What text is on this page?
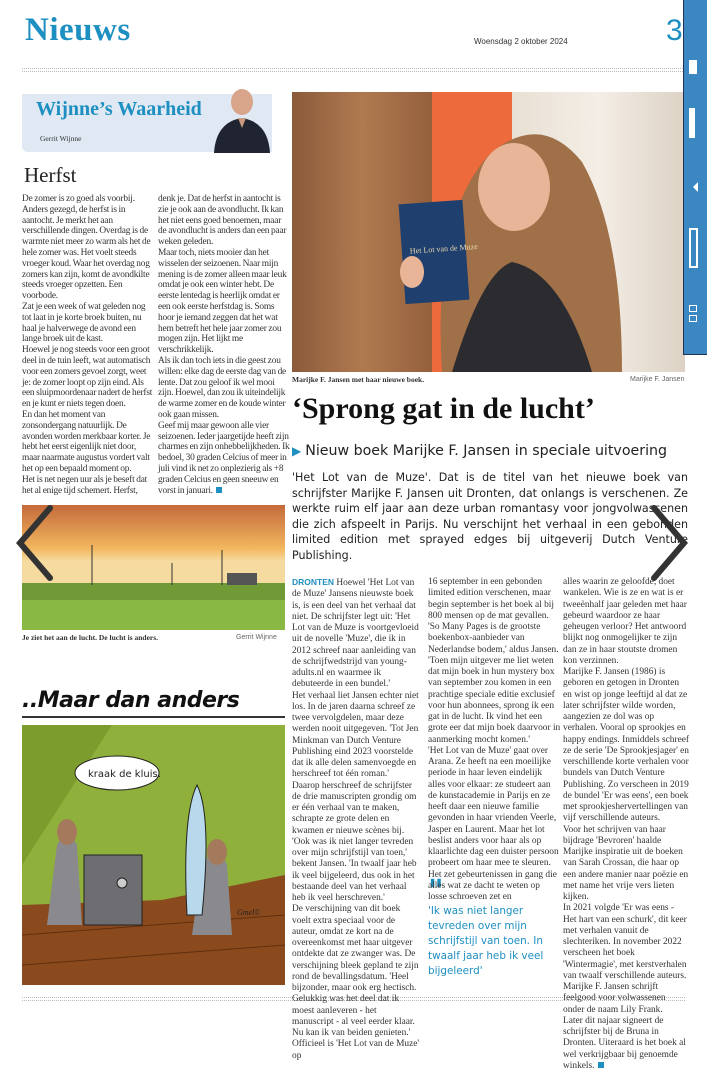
Nieuws	Woensdag 2 oktober 2024	3
Wijnne’s Waarheid
Gerrit Wijnne
Herfst

De zomer is zo goed als voorbij. Anders gezegd, de herfst is in aantocht. Je merkt het aan verschillende dingen. Overdag is de warmte niet meer zo warm als het de hele zomer was. Het voelt steeds vroeger koud. Waar het overdag nog zomers kan zijn, komt de avondkilte steeds vroeger opzetten. Een voorbode.

Zat je een week of wat geleden nog tot laat in je korte broek buiten, nu haal je halverwege de avond een lange broek uit de kast.

Hoewel je nog steeds voor een groot deel in de tuin leeft, wat automatisch voor een zomers gevoel zorgt, weet je: de zomer loopt op zijn eind. Als een sluipmoordenaar nadert de herfst en je kunt er niets tegen doen.

En dan het moment van zonsondergang natuurlijk. De avonden worden merkbaar korter. Je hebt het eerst eigenlijk niet door, maar naarmate augustus vordert valt het op een bepaald moment op.

Het is net negen uur als je beseft dat het al enige tijd schemert. Herfst,

denk je. Dat de herfst in aantocht is zie je ook aan de avondlucht. Ik kan het niet eens goed benoemen, maar de avondlucht is anders dan een paar weken geleden.

Maar toch, niets mooier dan het wisselen der seizoenen. Naar mijn mening is de zomer alleen maar leuk omdat je ook een winter hebt. De eerste lentedag is heerlijk omdat er een ook eerste herfstdag is. Soms hoor je iemand zeggen dat het wat hem betreft het hele jaar zomer zou mogen zijn. Het lijkt me verschrikkelijk.

Als ik dan toch iets in die geest zou willen: elke dag de eerste dag van de lente. Dat zou geloof ik wel mooi zijn. Hoewel, dan zou ik uiteindelijk de warme zomer en de koude winter ook gaan missen.

Geef mij maar gewoon alle vier seizoenen. Ieder jaargetijde heeft zijn charmes en zijn onhebbelijkheden. Ik bedoel, 30 graden Celcius of meer in juli vind ik net zo onplezierig als +8 graden Celcius en geen sneeuw en vorst in januari.

Het Lot van de Muze
Marijke F. Jansen met haar nieuwe boek.	Marijke F. Jansen
‘Sprong gat in de lucht’
▶ Nieuw boek Marijke F. Jansen in speciale uitvoering
'Het Lot van de Muze'. Dat is de titel van het nieuwe boek van schrijfster Marijke F. Jansen uit Dronten, dat onlangs is verschenen. Ze werkte ruim elf jaar aan deze urban romantasy voor jongvolwassenen die zich afspeelt in Parijs. Nu verschijnt het verhaal in een gebonden limited edition met sprayed edges bij uitgeverij Dutch Venture Publishing.
Je ziet het aan de lucht. De lucht is anders.	Gerrit Wijnne
..Maar dan anders
kraak de kluis.
Gmel©

DRONTEN Hoewel 'Het Lot van de Muze' Jansens nieuwste boek is, is een deel van het verhaal dat niet. De schrijfster legt uit: 'Het Lot van de Muze is voortgevloeid uit de novelle 'Muze', die ik in 2012 schreef naar aanleiding van de schrijfwedstrijd van young-adults.nl en waarmee ik debuteerde in een bundel.'

Het verhaal liet Jansen echter niet los. In de jaren daarna schreef ze twee vervolgdelen, maar deze werden nooit uitgegeven. 'Tot Jen Minkman van Dutch Venture Publishing eind 2023 voorstelde dat ik alle delen samenvoegde en herschreef tot één roman.'

Daarop herschreef de schrijfster de drie manuscripten grondig om er één verhaal van te maken, schrapte ze grote delen en kwamen er nieuwe scènes bij. 'Ook was ik niet langer tevreden over mijn schrijfstijl van toen,' bekent Jansen. 'In twaalf jaar heb ik veel bijgeleerd, dus ook in het bestaande deel van het verhaal heb ik veel herschreven.'

De verschijning van dit boek voelt extra speciaal voor de auteur, omdat ze kort na de overeenkomst met haar uitgever ontdekte dat ze zwanger was. De verschijning bleek gepland te zijn rond de bevallingsdatum. 'Heel bijzonder, maar ook erg hectisch. Gelukkig was het deel dat ik moest aanleveren - het manuscript - al veel eerder klaar. Nu kan ik van beiden genieten.'

Officieel is 'Het Lot van de Muze' op

16 september in een gebonden limited edition verschenen, maar begin september is het boek al bij 800 mensen op de mat gevallen. 'So Many Pages is de grootste boekenbox-aanbieder van Nederlandse bodem,' aldus Jansen. 'Toen mijn uitgever me liet weten dat mijn boek in hun mystery box van september zou komen in een prachtige speciale editie exclusief voor hun abonnees, sprong ik een gat in de lucht. Ik vind het een grote eer dat mijn boek daarvoor in aanmerking mocht komen.'

'Het Lot van de Muze' gaat over Arana. Ze heeft na een moeilijke periode in haar leven eindelijk alles voor elkaar: ze studeert aan de kunstacademie in Parijs en ze heeft daar een nieuwe familie gevonden in haar vrienden Veerle, Jasper en Laurent. Maar het lot beslist anders voor haar als op klaarlichte dag een duister persoon probeert om haar mee te sleuren. Het zet gebeurtenissen in gang die alles wat ze dacht te weten op losse schroeven zet en

"
'Ik was niet langer tevreden over mijn schrijfstijl van toen. In twaalf jaar heb ik veel bijgeleerd'

alles waarin ze geloofde, doet wankelen. Wie is ze en wat is er tweeënhalf jaar geleden met haar gebeurd waardoor ze haar geheugen verloor? Het antwoord blijkt nog onmogelijker te zijn dan ze in haar stoutste dromen kon verzinnen.

Marijke F. Jansen (1986) is geboren en getogen in Dronten en wist op jonge leeftijd al dat ze later schrijfster wilde worden, aangezien ze dol was op verhalen. Vooral op sprookjes en happy endings. Inmiddels schreef ze de serie 'De Sprookjesjager' en verschillende korte verhalen voor bundels van Dutch Venture Publishing. Zo verscheen in 2019 de bundel 'Er was eens', een boek met sprookjeshervertellingen van vijf verschillende auteurs.

Voor het schrijven van haar bijdrage 'Bevroren' haalde Marijke inspiratie uit de boeken van Sarah Crossan, die haar op een andere manier naar poëzie en met name het vrije vers lieten kijken.

In 2021 volgde 'Er was eens - Het hart van een schurk', dit keer met verhalen vanuit de slechteriken. In november 2022 verscheen het boek 'Wintermagie', met kerstverhalen van twaalf verschillende auteurs. Marijke F. Jansen schrijft feelgood voor volwassenen onder de naam Lily Frank.

Later dit najaar signeert de schrijfster bij de Bruna in Dronten. Uiteraard is het boek al wel verkrijgbaar bij genoemde winkels.
